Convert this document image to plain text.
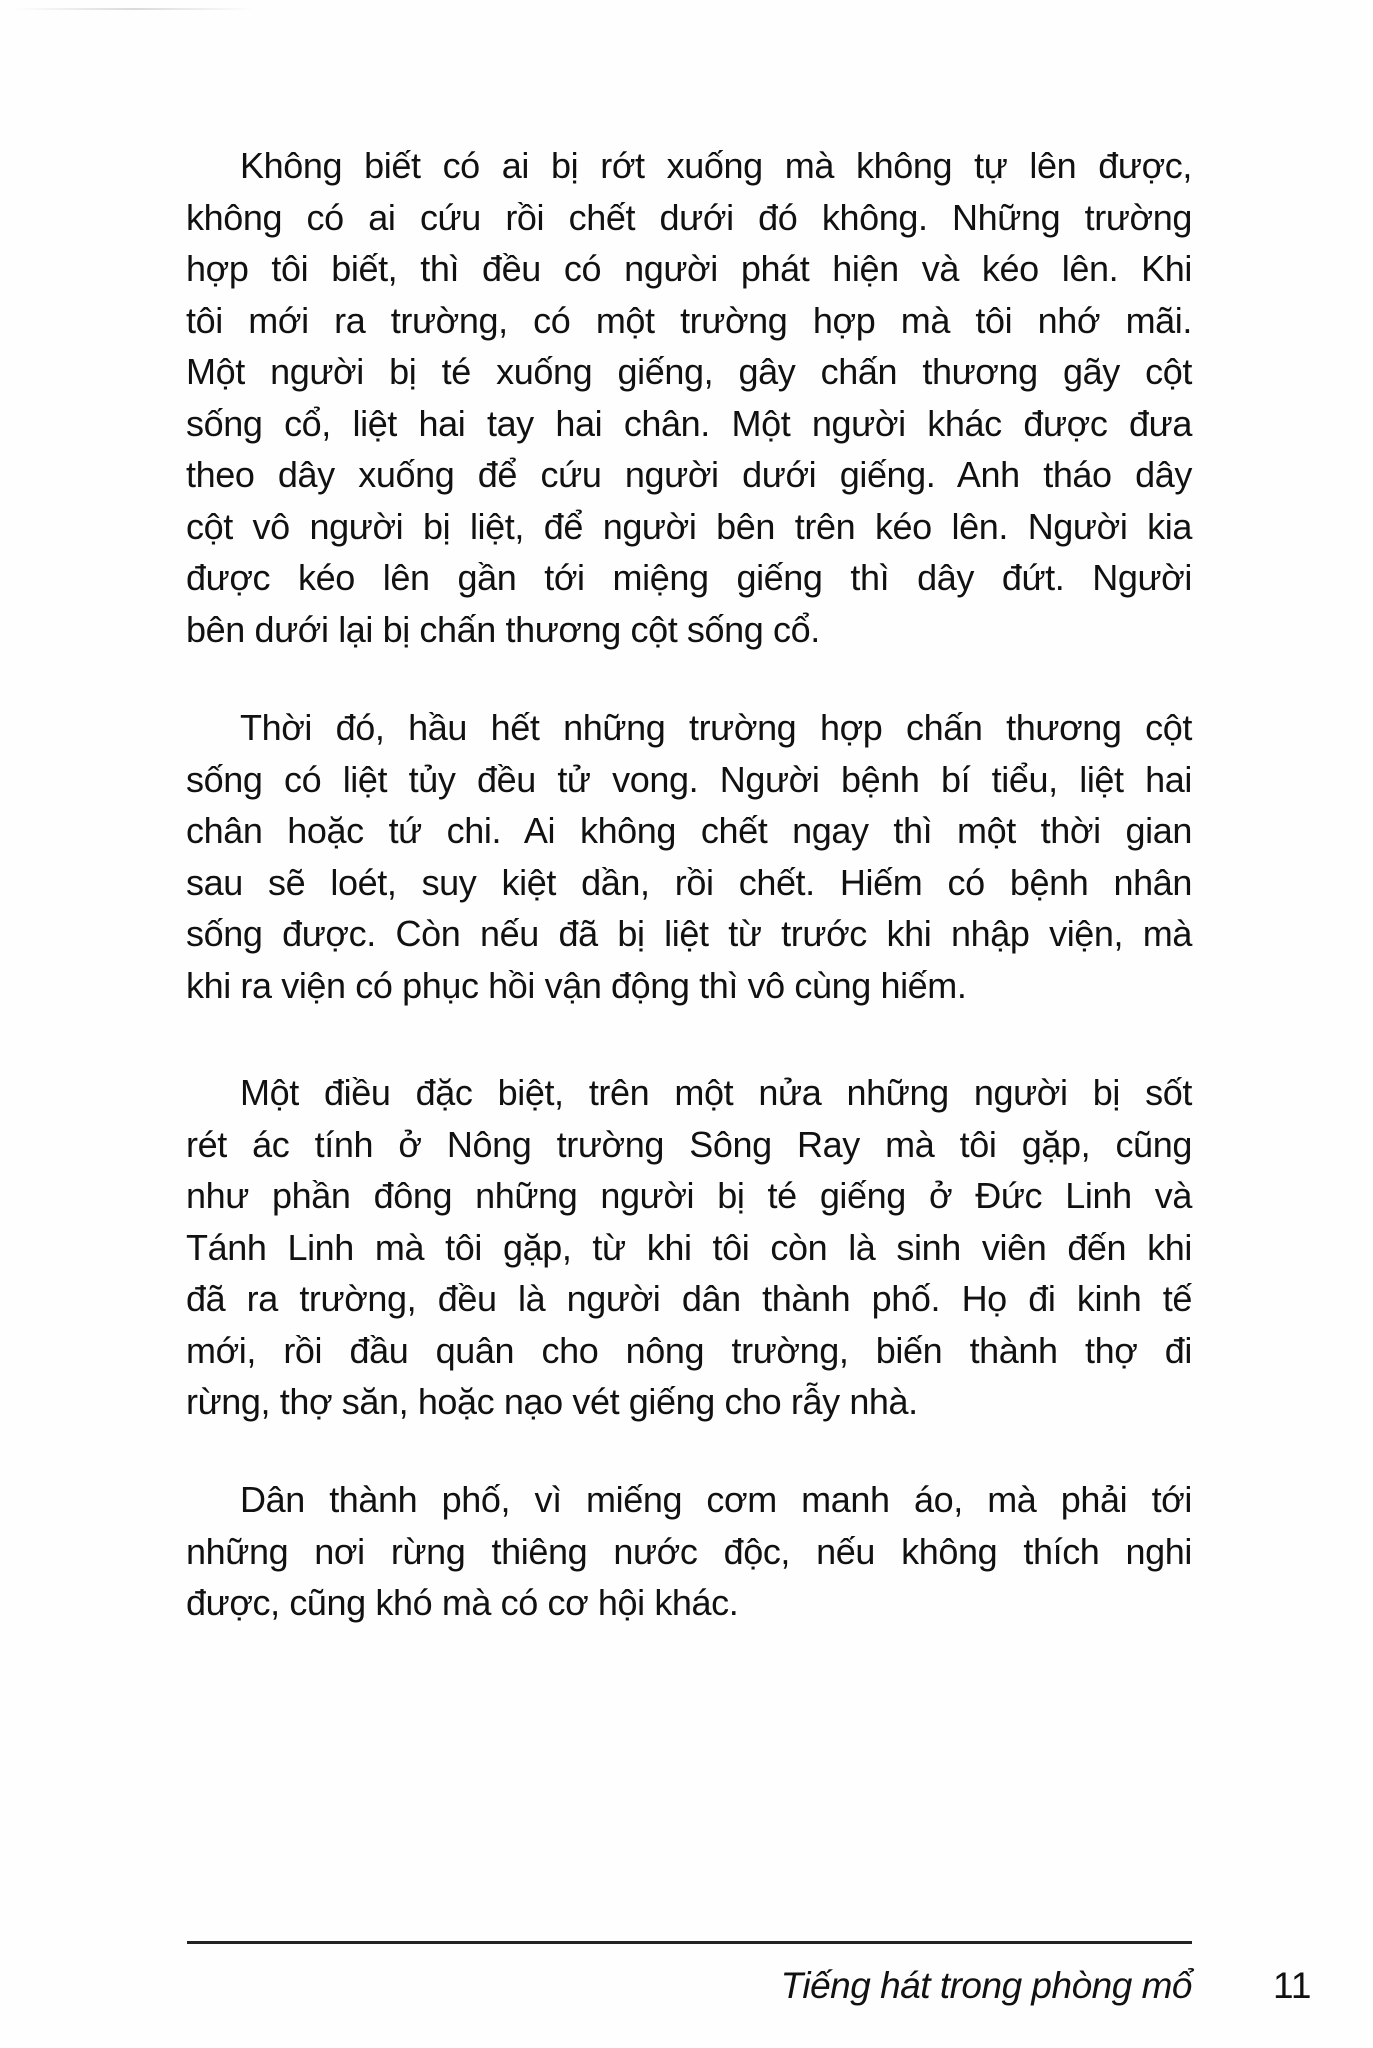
Không biết có ai bị rớt xuống mà không tự lên được,
không có ai cứu rồi chết dưới đó không. Những trường
hợp tôi biết, thì đều có người phát hiện và kéo lên. Khi
tôi mới ra trường, có một trường hợp mà tôi nhớ mãi.
Một người bị té xuống giếng, gây chấn thương gãy cột
sống cổ, liệt hai tay hai chân. Một người khác được đưa
theo dây xuống để cứu người dưới giếng. Anh tháo dây
cột vô người bị liệt, để người bên trên kéo lên. Người kia
được kéo lên gần tới miệng giếng thì dây đứt. Người
bên dưới lại bị chấn thương cột sống cổ.

Thời đó, hầu hết những trường hợp chấn thương cột
sống có liệt tủy đều tử vong. Người bệnh bí tiểu, liệt hai
chân hoặc tứ chi. Ai không chết ngay thì một thời gian
sau sẽ loét, suy kiệt dần, rồi chết. Hiếm có bệnh nhân
sống được. Còn nếu đã bị liệt từ trước khi nhập viện, mà
khi ra viện có phục hồi vận động thì vô cùng hiếm.

Một điều đặc biệt, trên một nửa những người bị sốt
rét ác tính ở Nông trường Sông Ray mà tôi gặp, cũng
như phần đông những người bị té giếng ở Đức Linh và
Tánh Linh mà tôi gặp, từ khi tôi còn là sinh viên đến khi
đã ra trường, đều là người dân thành phố. Họ đi kinh tế
mới, rồi đầu quân cho nông trường, biến thành thợ đi
rừng, thợ săn, hoặc nạo vét giếng cho rẫy nhà.

Dân thành phố, vì miếng cơm manh áo, mà phải tới
những nơi rừng thiêng nước độc, nếu không thích nghi
được, cũng khó mà có cơ hội khác.

Tiếng hát trong phòng mổ 11
